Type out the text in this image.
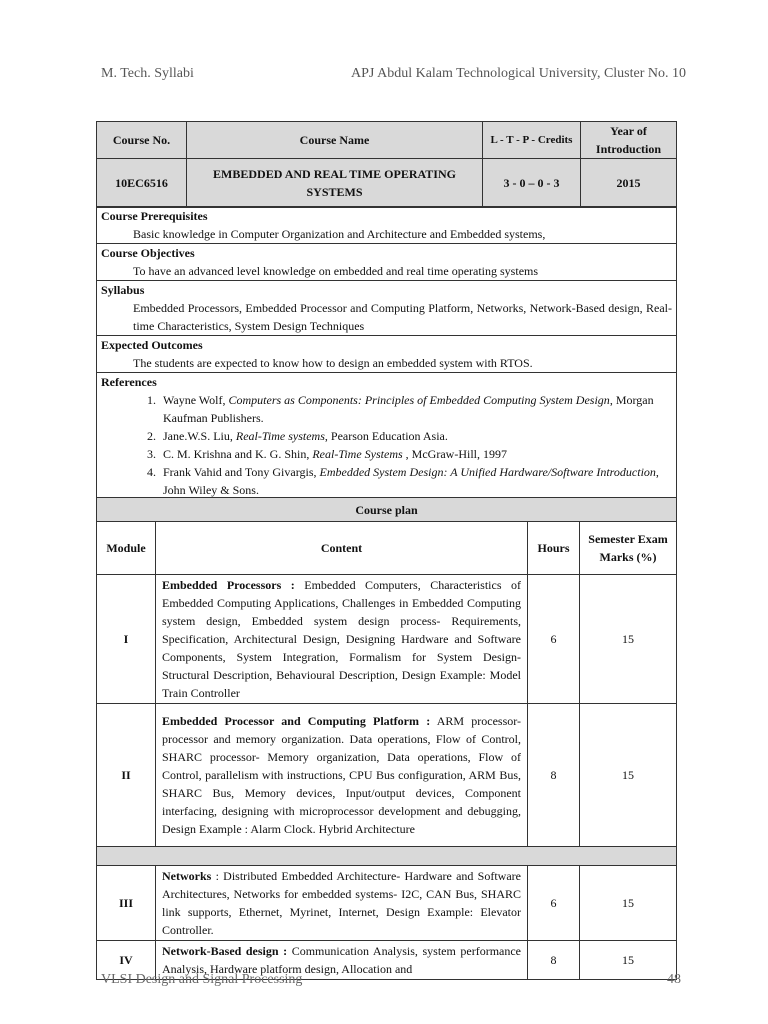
M. Tech. Syllabi	APJ Abdul Kalam Technological University, Cluster No. 10
Course No.	Course Name	L - T - P - Credits	Year of Introduction
10EC6516	EMBEDDED AND REAL TIME OPERATING SYSTEMS	3 - 0 – 0 - 3	2015
Course Prerequisites
Basic knowledge in Computer Organization and Architecture and Embedded systems,

Course Objectives
To have an advanced level knowledge on embedded and real time operating systems

Syllabus
Embedded Processors, Embedded Processor and Computing Platform, Networks, Network-Based design, Real-time Characteristics, System Design Techniques

Expected Outcomes
The students are expected to know how to design an embedded system with RTOS.

References
1. Wayne Wolf, Computers as Components: Principles of Embedded Computing System Design, Morgan Kaufman Publishers.
2. Jane.W.S. Liu, Real-Time systems, Pearson Education Asia.
3. C. M. Krishna and K. G. Shin, Real-Time Systems , McGraw-Hill, 1997
4. Frank Vahid and Tony Givargis, Embedded System Design: A Unified Hardware/Software Introduction, John Wiley & Sons.
Course plan			
Module	Content	Hours	Semester Exam Marks (%)
I	Embedded Processors : Embedded Computers, Characteristics of Embedded Computing Applications, Challenges in Embedded Computing system design, Embedded system design process- Requirements, Specification, Architectural Design, Designing Hardware and Software Components, System Integration, Formalism for System Design-Structural Description, Behavioural Description, Design Example: Model Train Controller	6	15
II	Embedded Processor and Computing Platform : ARM processor- processor and memory organization. Data operations, Flow of Control, SHARC processor- Memory organization, Data operations, Flow of Control, parallelism with instructions, CPU Bus configuration, ARM Bus, SHARC Bus, Memory devices, Input/output devices, Component interfacing, designing with microprocessor development and debugging, Design Example : Alarm Clock. Hybrid Architecture	8	15

III	Networks : Distributed Embedded Architecture- Hardware and Software Architectures, Networks for embedded systems- I2C, CAN Bus, SHARC link supports, Ethernet, Myrinet, Internet, Design Example: Elevator Controller.	6	15
IV	Network-Based design : Communication Analysis, system performance Analysis, Hardware platform design, Allocation and	8	15
VLSI Design and Signal Processing	48
